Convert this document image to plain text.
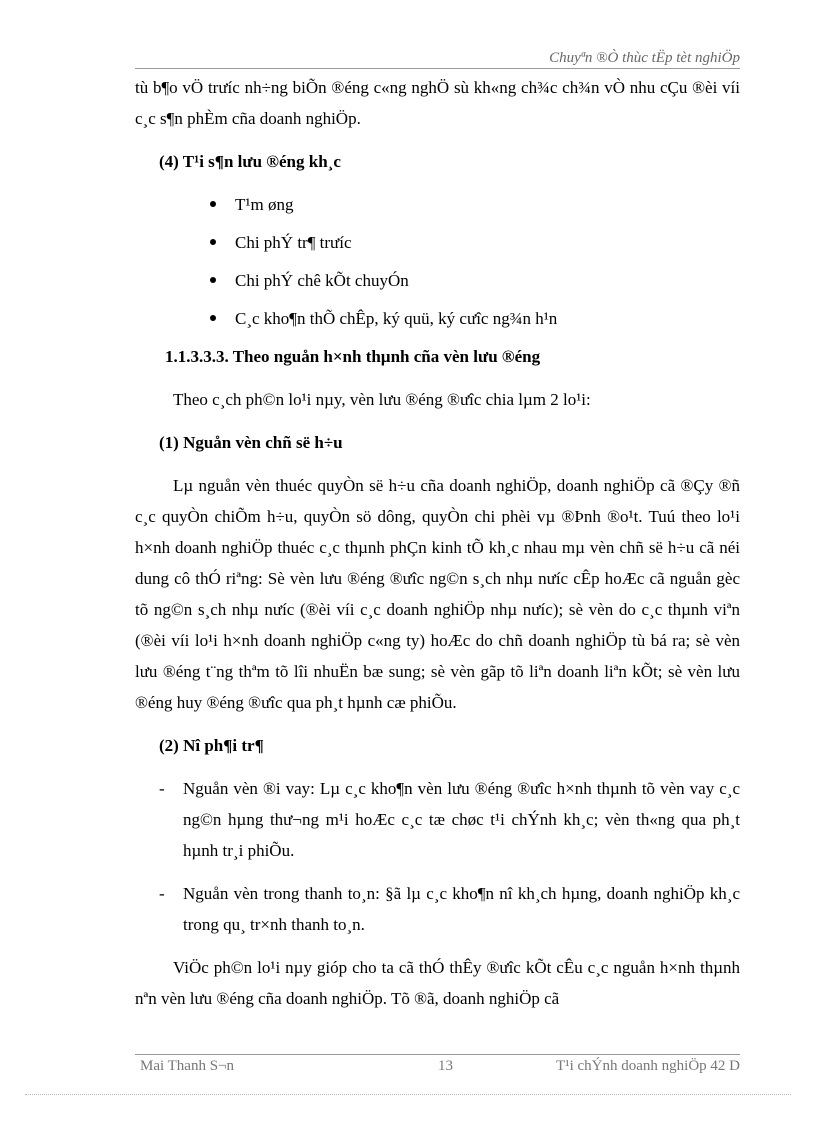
Chuyªn ®Ò thùc tËp tèt nghiÖp

tù b¶o vÖ trưíc nh÷ng biÕn ®éng c«ng nghÖ sù kh«ng ch¾c ch¾n vÒ nhu cÇu ®èi víi c¸c s¶n phÈm cña doanh nghiÖp.

(4) T¹i s¶n lưu ®éng kh¸c

T¹m øng
Chi phÝ tr¶ trưíc
Chi phÝ chê kÕt chuyÓn
C¸c kho¶n thÕ chÊp, ký quü, ký cưîc ng¾n h¹n

1.1.3.3.3. Theo nguån h×nh thµnh cña vèn lưu ®éng

Theo c¸ch ph©n lo¹i nµy, vèn lưu ®éng ®ưîc chia lµm 2 lo¹i:

(1) Nguån vèn chñ së h÷u

Lµ nguån vèn thuéc quyÒn së h÷u cña doanh nghiÖp, doanh nghiÖp cã ®Çy ®ñ c¸c quyÒn chiÕm h÷u, quyÒn sö dông, quyÒn chi phèi vµ ®Þnh ®o¹t. Tuú theo lo¹i h×nh doanh nghiÖp thuéc c¸c thµnh phÇn kinh tÕ kh¸c nhau mµ vèn chñ së h÷u cã néi dung cô thÓ riªng: Sè vèn lưu ®éng ®ưîc ng©n s¸ch nhµ nưíc cÊp hoÆc cã nguån gèc tõ ng©n s¸ch nhµ nưíc (®èi víi c¸c doanh nghiÖp nhµ nưíc); sè vèn do c¸c thµnh viªn (®èi víi lo¹i h×nh doanh nghiÖp c«ng ty) hoÆc do chñ doanh nghiÖp tù bá ra; sè vèn lưu ®éng t¨ng thªm tõ lîi nhuËn bæ sung; sè vèn gãp tõ liªn doanh liªn kÕt; sè vèn lưu ®éng huy ®éng ®ưîc qua ph¸t hµnh cæ phiÕu.

(2) Nî ph¶i tr¶

- Nguån vèn ®i vay: Lµ c¸c kho¶n vèn lưu ®éng ®ưîc h×nh thµnh tõ vèn vay c¸c ng©n hµng thư¬ng m¹i hoÆc c¸c tæ chøc t¹i chÝnh kh¸c; vèn th«ng qua ph¸t hµnh tr¸i phiÕu.

- Nguån vèn trong thanh to¸n: §ã lµ c¸c kho¶n nî kh¸ch hµng, doanh nghiÖp kh¸c trong qu¸ tr×nh thanh to¸n.

ViÖc ph©n lo¹i nµy gióp cho ta cã thÓ thÊy ®ưîc kÕt cÊu c¸c nguån h×nh thµnh nªn vèn lưu ®éng cña doanh nghiÖp. Tõ ®ã, doanh nghiÖp cã

Mai Thanh S¬n	13	T¹i chÝnh doanh nghiÖp 42 D
